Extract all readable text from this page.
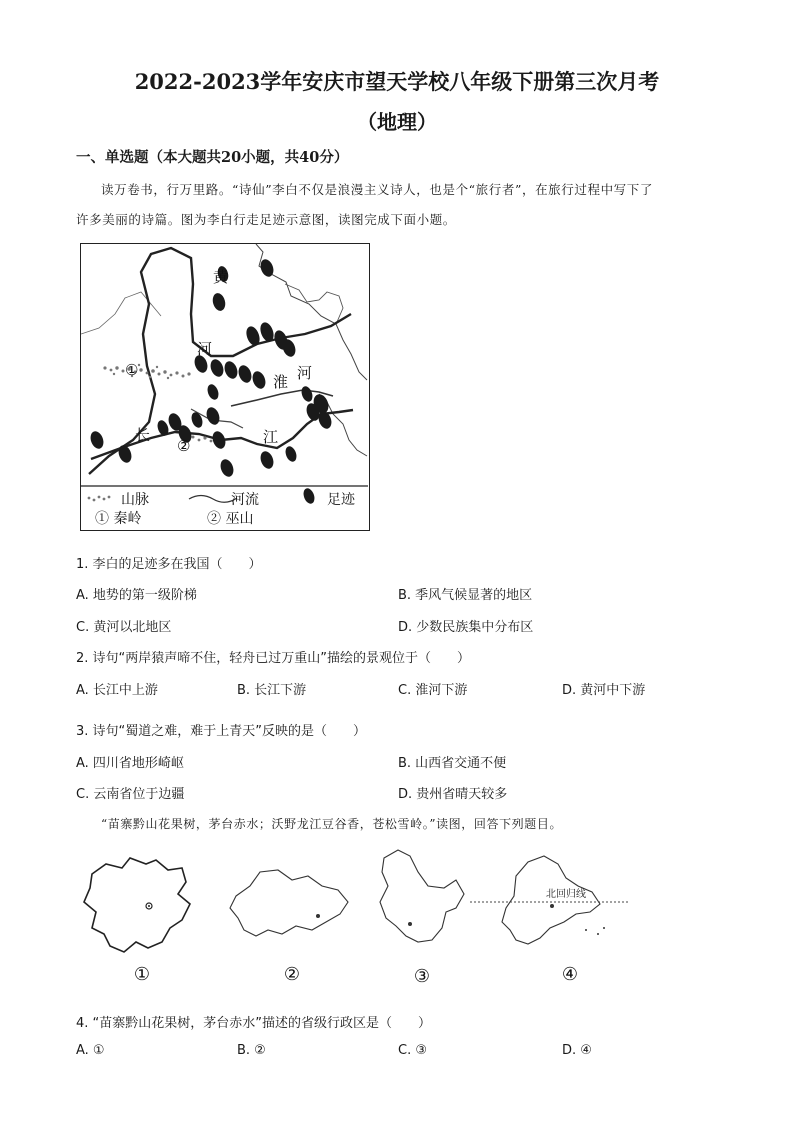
2022-2023学年安庆市望天学校八年级下册第三次月考
（地理）
一、单选题（本大题共20小题，共40分）
读万卷书，行万里路。“诗仙”李白不仅是浪漫主义诗人，也是个“旅行者”，在旅行过程中写下了
许多美丽的诗篇。图为李白行走足迹示意图，读图完成下面小题。
黄
河
淮 河
长	江
①
②
山脉	河流	足迹
① 秦岭	② 巫山
1. 李白的足迹多在我国（　　）
A. 地势的第一级阶梯	B. 季风气候显著的地区
C. 黄河以北地区	D. 少数民族集中分布区
2. 诗句“两岸猿声啼不住，轻舟已过万重山”描绘的景观位于（　　）
A. 长江中上游	B. 长江下游	C. 淮河下游	D. 黄河中下游
3. 诗句“蜀道之难，难于上青天”反映的是（　　）
A. 四川省地形崎岖	B. 山西省交通不便
C. 云南省位于边疆	D. 贵州省晴天较多
“苗寨黔山花果树，茅台赤水；沃野龙江豆谷香，苍松雪岭。”读图，回答下列题目。
①	②	③
北回归线
④
4. “苗寨黔山花果树，茅台赤水”描述的省级行政区是（　　）
A. ①	B. ②	C. ③	D. ④
